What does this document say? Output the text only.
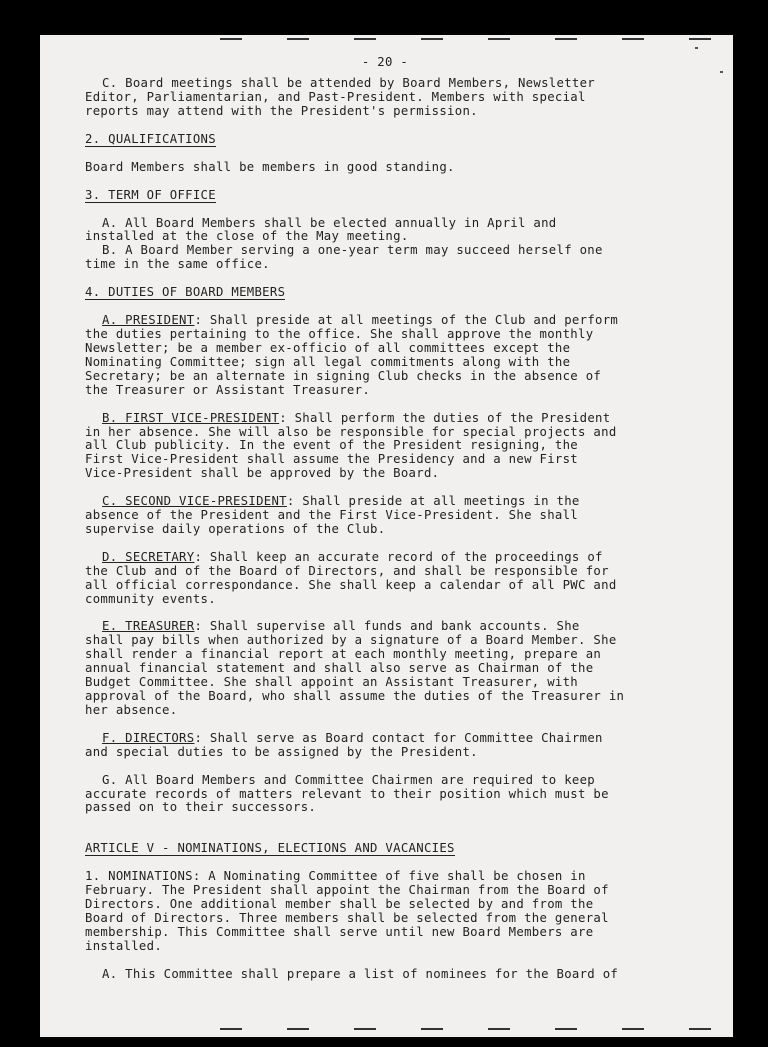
- 20 -

C. Board meetings shall be attended by Board Members, Newsletter
Editor, Parliamentarian, and Past-President. Members with special
reports may attend with the President's permission.

2. QUALIFICATIONS

Board Members shall be members in good standing.

3. TERM OF OFFICE

A. All Board Members shall be elected annually in April and
installed at the close of the May meeting.

B. A Board Member serving a one-year term may succeed herself one
time in the same office.

4. DUTIES OF BOARD MEMBERS

A. PRESIDENT: Shall preside at all meetings of the Club and perform
the duties pertaining to the office. She shall approve the monthly
Newsletter; be a member ex-officio of all committees except the
Nominating Committee; sign all legal commitments along with the
Secretary; be an alternate in signing Club checks in the absence of
the Treasurer or Assistant Treasurer.

B. FIRST VICE-PRESIDENT: Shall perform the duties of the President
in her absence. She will also be responsible for special projects and
all Club publicity. In the event of the President resigning, the
First Vice-President shall assume the Presidency and a new First
Vice-President shall be approved by the Board.

C. SECOND VICE-PRESIDENT: Shall preside at all meetings in the
absence of the President and the First Vice-President. She shall
supervise daily operations of the Club.

D. SECRETARY: Shall keep an accurate record of the proceedings of
the Club and of the Board of Directors, and shall be responsible for
all official correspondance. She shall keep a calendar of all PWC and
community events.

E. TREASURER: Shall supervise all funds and bank accounts. She
shall pay bills when authorized by a signature of a Board Member. She
shall render a financial report at each monthly meeting, prepare an
annual financial statement and shall also serve as Chairman of the
Budget Committee. She shall appoint an Assistant Treasurer, with
approval of the Board, who shall assume the duties of the Treasurer in
her absence.

F. DIRECTORS: Shall serve as Board contact for Committee Chairmen
and special duties to be assigned by the President.

G. All Board Members and Committee Chairmen are required to keep
accurate records of matters relevant to their position which must be
passed on to their successors.

ARTICLE V - NOMINATIONS, ELECTIONS AND VACANCIES

1. NOMINATIONS: A Nominating Committee of five shall be chosen in
February. The President shall appoint the Chairman from the Board of
Directors. One additional member shall be selected by and from the
Board of Directors. Three members shall be selected from the general
membership. This Committee shall serve until new Board Members are
installed.

A. This Committee shall prepare a list of nominees for the Board of
